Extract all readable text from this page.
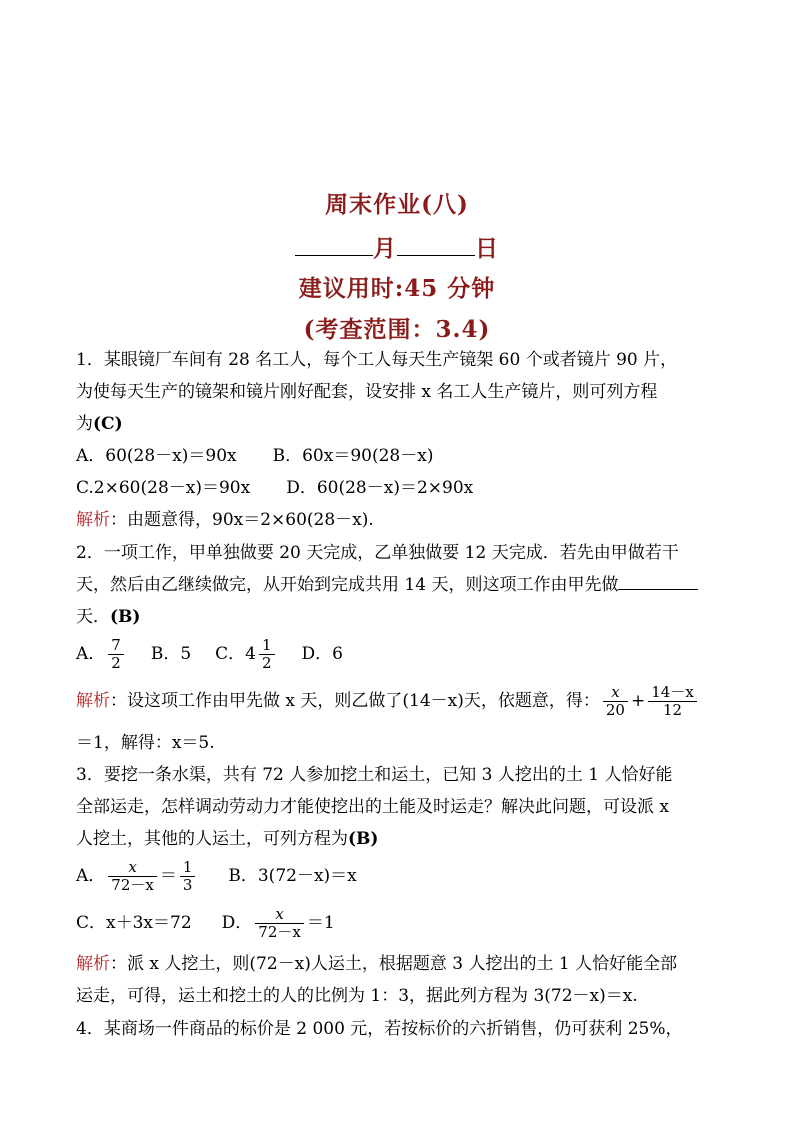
周末作业(八)
月	日
建议用时:45 分钟
(考查范围：3.4)
1．某眼镜厂车间有 28 名工人，每个工人每天生产镜架 60 个或者镜片 90 片，
为使每天生产的镜架和镜片刚好配套，设安排 x 名工人生产镜片，则可列方程
为(C)
A．60(28－x)＝90x B．60x＝90(28－x)
C.2×60(28－x)＝90x D．60(28－x)＝2×90x
解析：由题意得，90x＝2×60(28－x).
2．一项工作，甲单独做要 20 天完成，乙单独做要 12 天完成．若先由甲做若干
天，然后由乙继续做完，从开始到完成共用 14 天，则这项工作由甲先做
天．(B)
A． $\frac{7}{2}$ B．5 C．$4 \frac{1}{2}$ D．6
解析：设这项工作由甲先做 x 天，则乙做了(14－x)天，依题意，得： $\frac{x}{20} + \frac{14-x}{12}$
＝1，解得：x＝5.
3．要挖一条水渠，共有 72 人参加挖土和运土，已知 3 人挖出的土 1 人恰好能
全部运走，怎样调动劳动力才能使挖出的土能及时运走？解决此问题，可设派 x
人挖土，其他的人运土，可列方程为(B)
A． $\frac{x}{72-x} = \frac{1}{3}$ B．3(72－x)＝x
C．x＋3x＝72 D． $\frac{x}{72-x} =1$
解析：派 x 人挖土，则(72－x)人运土，根据题意 3 人挖出的土 1 人恰好能全部
运走，可得，运土和挖土的人的比例为 1：3，据此列方程为 3(72－x)＝x.
4．某商场一件商品的标价是 2 000 元，若按标价的六折销售，仍可获利 25%，
